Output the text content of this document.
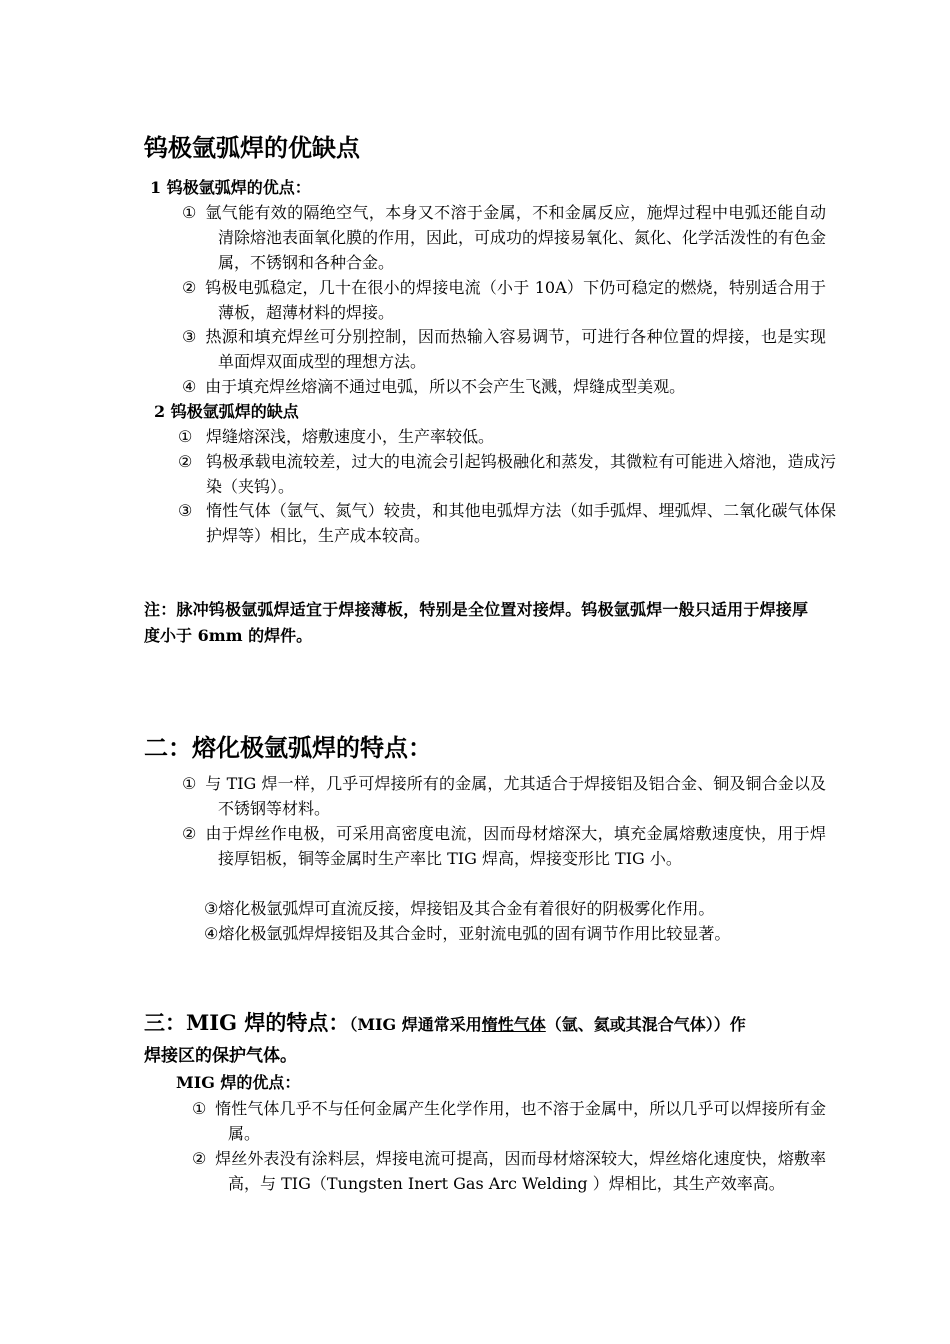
钨极氩弧焊的优缺点
1 钨极氩弧焊的优点：
① 氩气能有效的隔绝空气，本身又不溶于金属，不和金属反应，施焊过程中电弧还能自动清除熔池表面氧化膜的作用，因此，可成功的焊接易氧化、氮化、化学活泼性的有色金属，不锈钢和各种合金。
② 钨极电弧稳定，几十在很小的焊接电流（小于 10A）下仍可稳定的燃烧，特别适合用于薄板，超薄材料的焊接。
③ 热源和填充焊丝可分别控制，因而热输入容易调节，可进行各种位置的焊接，也是实现单面焊双面成型的理想方法。
④ 由于填充焊丝熔滴不通过电弧，所以不会产生飞溅，焊缝成型美观。
2 钨极氩弧焊的缺点
① 焊缝熔深浅，熔敷速度小，生产率较低。
② 钨极承载电流较差，过大的电流会引起钨极融化和蒸发，其微粒有可能进入熔池，造成污染（夹钨）。
③ 惰性气体（氩气、氮气）较贵，和其他电弧焊方法（如手弧焊、埋弧焊、二氧化碳气体保护焊等）相比，生产成本较高。
注：脉冲钨极氩弧焊适宜于焊接薄板，特别是全位置对接焊。钨极氩弧焊一般只适用于焊接厚度小于 6mm 的焊件。
二：熔化极氩弧焊的特点：
① 与 TIG 焊一样，几乎可焊接所有的金属，尤其适合于焊接铝及铝合金、铜及铜合金以及不锈钢等材料。
② 由于焊丝作电极，可采用高密度电流，因而母材熔深大，填充金属熔敷速度快，用于焊接厚铝板，铜等金属时生产率比 TIG 焊高，焊接变形比 TIG 小。
③熔化极氩弧焊可直流反接，焊接铝及其合金有着很好的阴极雾化作用。
④熔化极氩弧焊焊接铝及其合金时，亚射流电弧的固有调节作用比较显著。
三：MIG 焊的特点：（MIG 焊通常采用惰性气体（氩、氦或其混合气体））作
焊接区的保护气体。
MIG 焊的优点：
① 惰性气体几乎不与任何金属产生化学作用，也不溶于金属中，所以几乎可以焊接所有金属。
② 焊丝外表没有涂料层，焊接电流可提高，因而母材熔深较大，焊丝熔化速度快，熔敷率高，与 TIG（Tungsten Inert Gas Arc Welding ）焊相比，其生产效率高。
